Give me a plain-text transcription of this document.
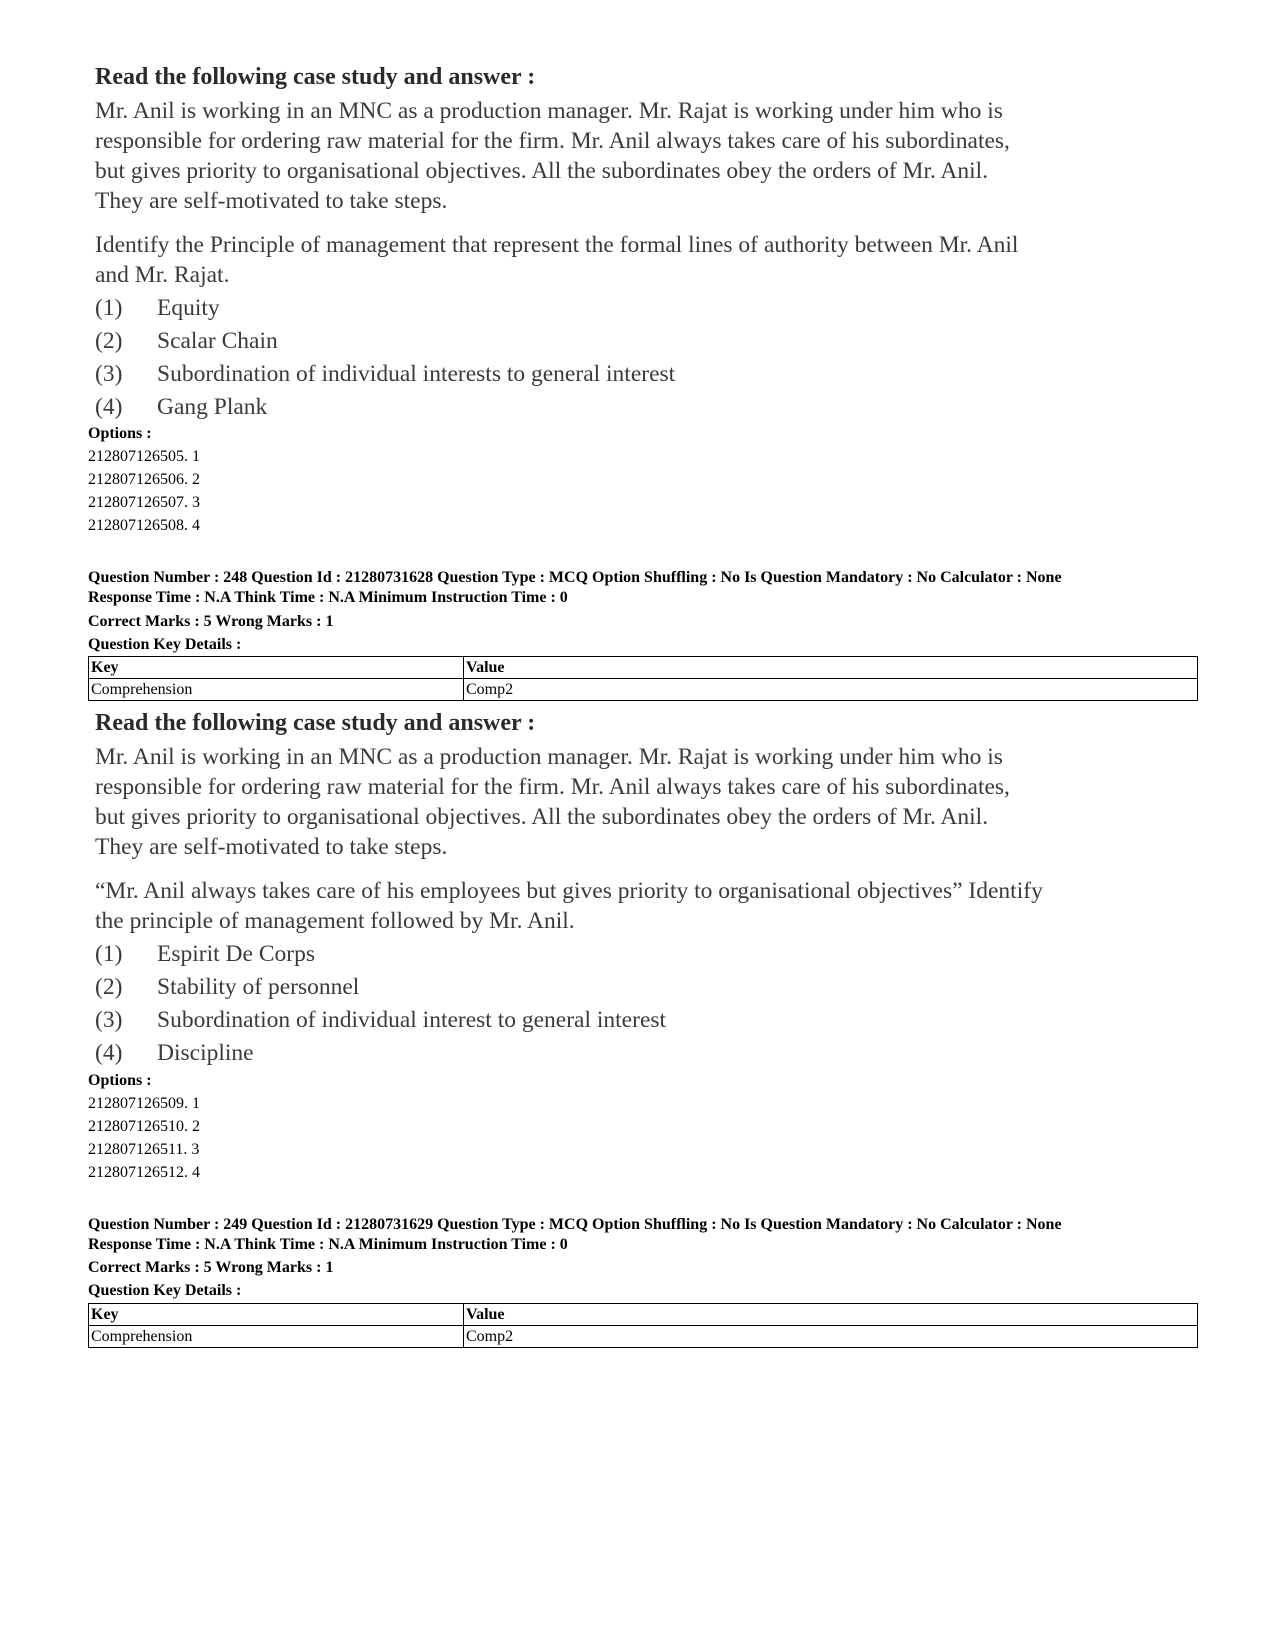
Read the following case study and answer :
Mr. Anil is working in an MNC as a production manager. Mr. Rajat is working under him who is
responsible for ordering raw material for the firm. Mr. Anil always takes care of his subordinates,
but gives priority to organisational objectives. All the subordinates obey the orders of Mr. Anil.
They are self-motivated to take steps.
Identify the Principle of management that represent the formal lines of authority between Mr. Anil
and Mr. Rajat.
(1)	Equity
(2)	Scalar Chain
(3)	Subordination of individual interests to general interest
(4)	Gang Plank
Options :
212807126505. 1
212807126506. 2
212807126507. 3
212807126508. 4
Question Number : 248 Question Id : 21280731628 Question Type : MCQ Option Shuffling : No Is Question Mandatory : No Calculator : None
Response Time : N.A Think Time : N.A Minimum Instruction Time : 0
Correct Marks : 5 Wrong Marks : 1
Question Key Details :
Key	Value
Comprehension	Comp2
Read the following case study and answer :
Mr. Anil is working in an MNC as a production manager. Mr. Rajat is working under him who is
responsible for ordering raw material for the firm. Mr. Anil always takes care of his subordinates,
but gives priority to organisational objectives. All the subordinates obey the orders of Mr. Anil.
They are self-motivated to take steps.
“Mr. Anil always takes care of his employees but gives priority to organisational objectives” Identify
the principle of management followed by Mr. Anil.
(1)	Espirit De Corps
(2)	Stability of personnel
(3)	Subordination of individual interest to general interest
(4)	Discipline
Options :
212807126509. 1
212807126510. 2
212807126511. 3
212807126512. 4
Question Number : 249 Question Id : 21280731629 Question Type : MCQ Option Shuffling : No Is Question Mandatory : No Calculator : None
Response Time : N.A Think Time : N.A Minimum Instruction Time : 0
Correct Marks : 5 Wrong Marks : 1
Question Key Details :
Key	Value
Comprehension	Comp2
